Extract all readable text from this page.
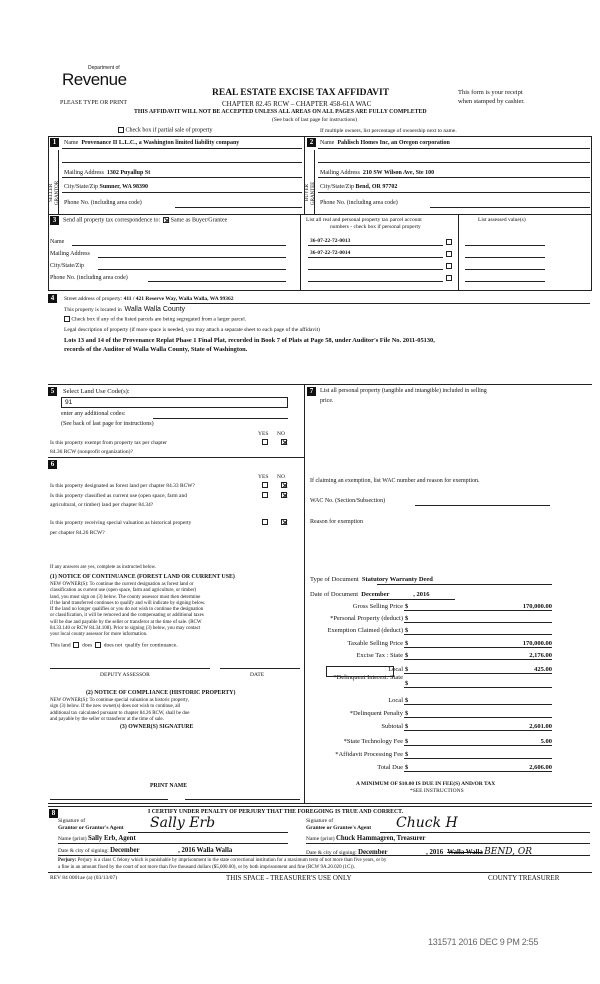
Department of
Revenue
PLEASE TYPE OR PRINT
REAL ESTATE EXCISE TAX AFFIDAVIT
CHAPTER 82.45 RCW – CHAPTER 458-61A WAC
THIS AFFIDAVIT WILL NOT BE ACCEPTED UNLESS ALL AREAS ON ALL PAGES ARE FULLY COMPLETED
(See back of last page for instructions)
This form is your receipt
when stamped by cashier.
Check box if partial sale of property	If multiple owners, list percentage of ownership next to name.
1	Name Provenance II L.L.C., a Washington limited liability company
SELLER GRANTOR
Mailing Address 1302 Puyallup St
City/State/Zip Sumner, WA 98390
Phone No. (including area code)
2	Name Pahlisch Homes Inc, an Oregon corporation
BUYER GRANTEE
Mailing Address 210 SW Wilson Ave, Ste 100
City/State/Zip Bend, OR 97702
Phone No. (including area code)
3	Send all property tax correspondence to: Same as Buyer/Grantee
Name
Mailing Address
City/State/Zip
Phone No. (including area code)
List all real and personal property tax parcel account
numbers - check box if personal property
List assessed value(s)
36-07-22-72-0013
36-07-22-72-0014
4	Street address of property: 411 / 421 Reserve Way, Walla Walla, WA 99362
This property is located in Walla Walla County
Check box if any of the listed parcels are being segregated from a larger parcel.
Legal description of property (if more space is needed, you may attach a separate sheet to each page of the affidavit)
Lots 13 and 14 of the Provenance Replat Phase 1 Final Plat, recorded in Book 7 of Plats at Page 58, under Auditor's File No. 2011-05130,
records of the Auditor of Walla Walla County, State of Washington.
5	Select Land Use Code(s):
91
enter any additional codes:
(See back of last page for instructions)
YES NO
Is this property exempt from property tax per chapter
84.36 RCW (nonprofit organization)?
6
YES NO
Is this property designated as forest land per chapter 84.33 RCW?
Is this property classified as current use (open space, farm and
agricultural, or timber) land per chapter 84.34?
Is this property receiving special valuation as historical property
per chapter 84.26 RCW?
If any answers are yes, complete as instructed below.
(1) NOTICE OF CONTINUANCE (FOREST LAND OR CURRENT USE)
NEW OWNER(S): To continue the current designation as forest land or
classification as current use (open space, farm and agriculture, or timber)
land, you must sign on (3) below. The county assessor must then determine
if the land transferred continues to qualify and will indicate by signing below.
If the land no longer qualifies or you do not wish to continue the designation
or classification, it will be removed and the compensating or additional taxes
will be due and payable by the seller or transferor at the time of sale. (RCW
84.33.140 or RCW 84.34.108). Prior to signing (3) below, you may contact
your local county assessor for more information.
This land does does not qualify for continuance.
DEPUTY ASSESSOR	DATE
(2) NOTICE OF COMPLIANCE (HISTORIC PROPERTY)
NEW OWNER(S): To continue special valuation as historic property,
sign (3) below. If the new owner(s) does not wish to continue, all
additional tax calculated pursuant to chapter 84.26 RCW, shall be due
and payable by the seller or transferor at the time of sale.
(3) OWNER(S) SIGNATURE
PRINT NAME
7	List all personal property (tangible and intangible) included in selling
price.
If claiming an exemption, list WAC number and reason for exemption.
WAC No. (Section/Subsection)
Reason for exemption
Type of Document Statutory Warranty Deed
Date of Document December	, 2016
Gross Selling Price $	170,000.00
*Personal Property (deduct) $
Exemption Claimed (deduct) $
Taxable Selling Price $	170,000.00
Excise Tax : State $	2,176.00
Local $	425.00
*Delinquent Interest: State
$
Local $
*Delinquent Penalty $
Subtotal $	2,601.00
*State Technology Fee $	5.00
*Affidavit Processing Fee $
Total Due $	2,606.00
A MINIMUM OF $10.00 IS DUE IN FEE(S) AND/OR TAX
*SEE INSTRUCTIONS
8	I CERTIFY UNDER PENALTY OF PERJURY THAT THE FOREGOING IS TRUE AND CORRECT.
Signature of
Grantor or Grantor's Agent Sally Erb	Signature of
Grantee or Grantee's Agent Chuck H
Name (print) Sally Erb, Agent	Name (print) Chuck Hammagren, Treasurer
Date & city of signing: December	, 2016 Walla Walla	Date & city of signing: December	, 2016 Walla Walla BEND, OR
Perjury: Perjury is a class C felony which is punishable by imprisonment in the state correctional institution for a maximum term of not more than five years, or by
a fine in an amount fixed by the court of not more than five thousand dollars ($5,000.00), or by both imprisonment and fine (RCW 9A.20.020 (1C)).
REV 84 0001ae (a) (03/13/07)	THIS SPACE - TREASURER'S USE ONLY	COUNTY TREASURER
131571 2016 DEC 9 PM 2:55
